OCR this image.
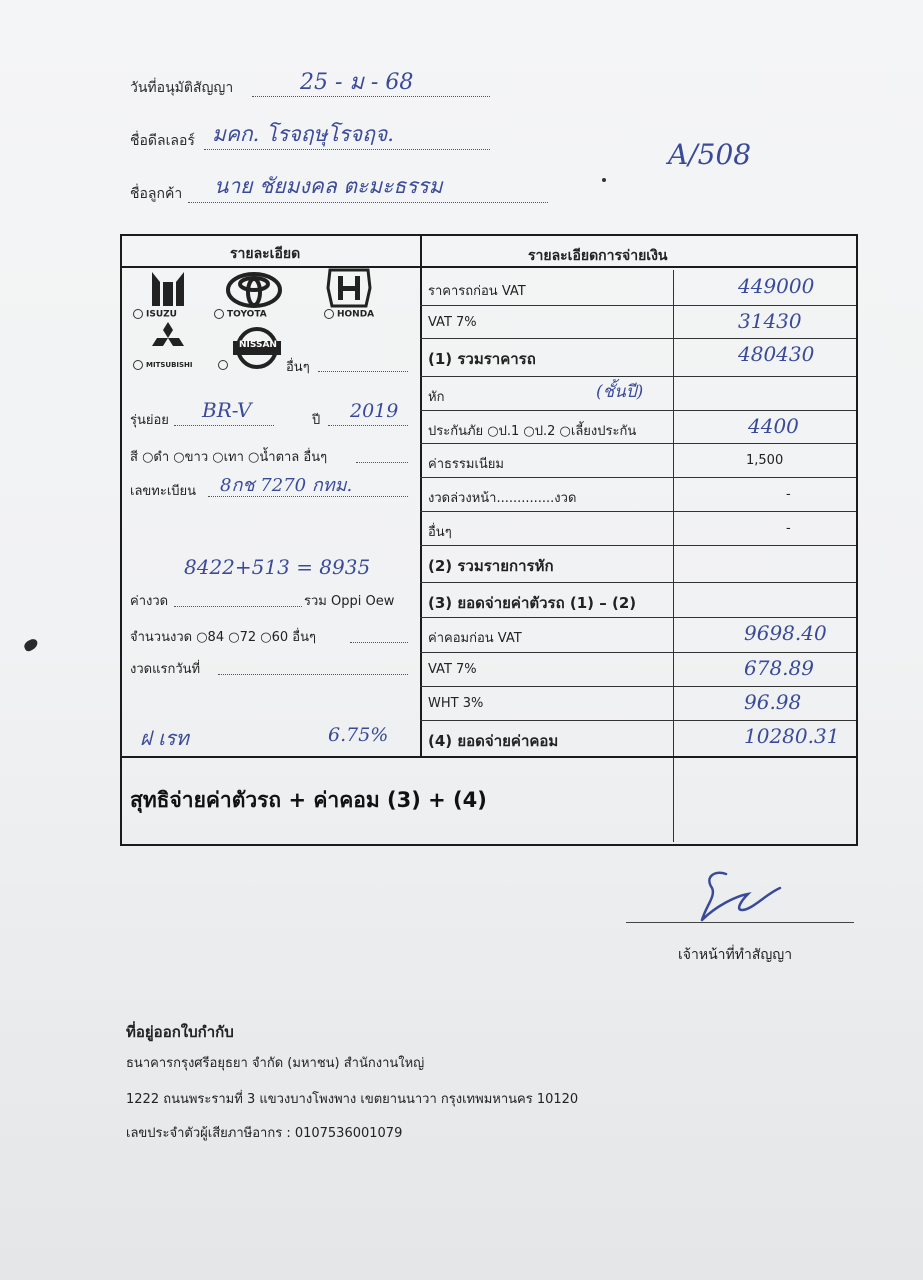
วันที่อนุมัติสัญญา	25 - ม - 68
ชื่อดีลเลอร์ มคก. โรจฤษุโรจฤจ.
A/508
ชื่อลูกค้า นาย ชัยมงคล ตะมะธรรม
รายละเอียด	รายละเอียดการจ่ายเงิน
ISUZU	TOYOTA	HONDA
MITSUBISHI
NISSAN
อื่นๆ
รุ่นย่อย BR-V	ปี 2019
สี ○ดำ ○ขาว ○เทา ○น้ำตาล อื่นๆ
เลขทะเบียน 8กช 7270 กทม.
8422+513 = 8935
ค่างวด	รวม Oppi Oew
จำนวนงวด ○84 ○72 ○60 อื่นๆ
งวดแรกวันที่
ฝ เรท	6.75%
ราคารถก่อน VAT	449000
VAT 7%	31430
(1) รวมราคารถ	480430
หัก
ประกันภัย ○ป.1 ○ป.2 ○เลี้ยงประกัน	4400
ค่าธรรมเนียม	1,500
งวดล่วงหน้า..............งวด	-
อื่นๆ	-
(2) รวมรายการหัก
(3) ยอดจ่ายค่าตัวรถ (1) – (2)
ค่าคอมก่อน VAT	9698.40
VAT 7%	678.89
WHT 3%	96.98
(4) ยอดจ่ายค่าคอม	10280.31
(ชั้นปี)
สุทธิจ่ายค่าตัวรถ + ค่าคอม (3) + (4)
เจ้าหน้าที่ทำสัญญา
ที่อยู่ออกใบกำกับ
ธนาคารกรุงศรีอยุธยา จำกัด (มหาชน) สำนักงานใหญ่
1222 ถนนพระรามที่ 3 แขวงบางโพงพาง เขตยานนาวา กรุงเทพมหานคร 10120
เลขประจำตัวผู้เสียภาษีอากร : 0107536001079
